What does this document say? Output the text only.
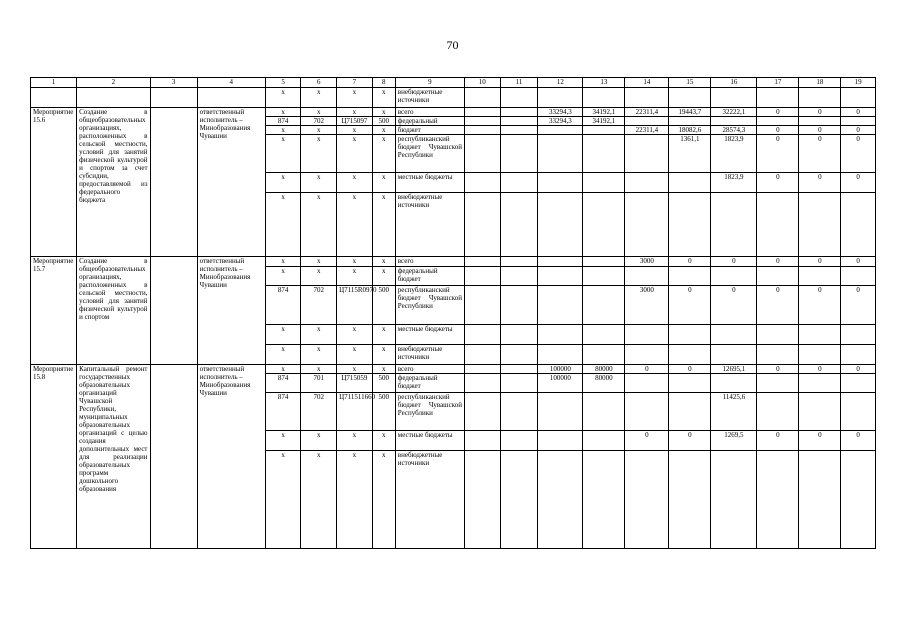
70
1	2	3	4	5	6	7	8	9	10	11	12	13	14	15	16	17	18	19
				x	x	x	x	внебюджетные источники										
Мероприятие 15.6	Создание в общеобразовательных организациях, расположенных в сельской местности, условий для занятий физической культурой и спортом за счет субсидии, предоставляемой из федерального бюджета		ответственный исполнитель – Минобразования Чувашии	x	x	x	x	всего			33294,3	34192,1	22311,4	19443,7	32222,1	0	0	0
				874	702	Ц715097	500	федеральный			33294,3	34192,1						
				x	x	x	x	бюджет					22311,4	18082,6	28574,3	0	0	0
				x	x	x	x	республиканский бюджет Чувашской Республики						1361,1	1823,9	0	0	0
				x	x	x	x	местные бюджеты							1823,9	0	0	0
				x	x	x	x	внебюджетные источники										
Мероприятие 15.7	Создание в общеобразовательных организациях, расположенных в сельской местности, условий для занятий физической культурой и спортом		ответственный исполнитель – Минобразования Чувашии	x	x	x	x	всего					3000	0	0	0	0	0
				x	x	x	x	федеральный бюджет										
				874	702	Ц7115R0970	500	республиканский бюджет Чувашской Республики					3000	0	0	0	0	0
				x	x	x	x	местные бюджеты										
				x	x	x	x	внебюджетные источники										
Мероприятие 15.8	Капитальный ремонт государственных образовательных организаций Чувашской Республики, муниципальных образовательных организаций с целью создания дополнительных мест для реализации образовательных программ дошкольного образования		ответственный исполнитель – Минобразования Чувашии	x	x	x	x	всего			100000	80000	0	0	12695,1	0	0	0
				874	701	Ц715059	500	федеральный бюджет			100000	80000						
				874	702	Ц711511660	500	республиканский бюджет Чувашской Республики							11425,6			
				x	x	x	x	местные бюджеты					0	0	1269,5	0	0	0
				x	x	x	x	внебюджетные источники										
